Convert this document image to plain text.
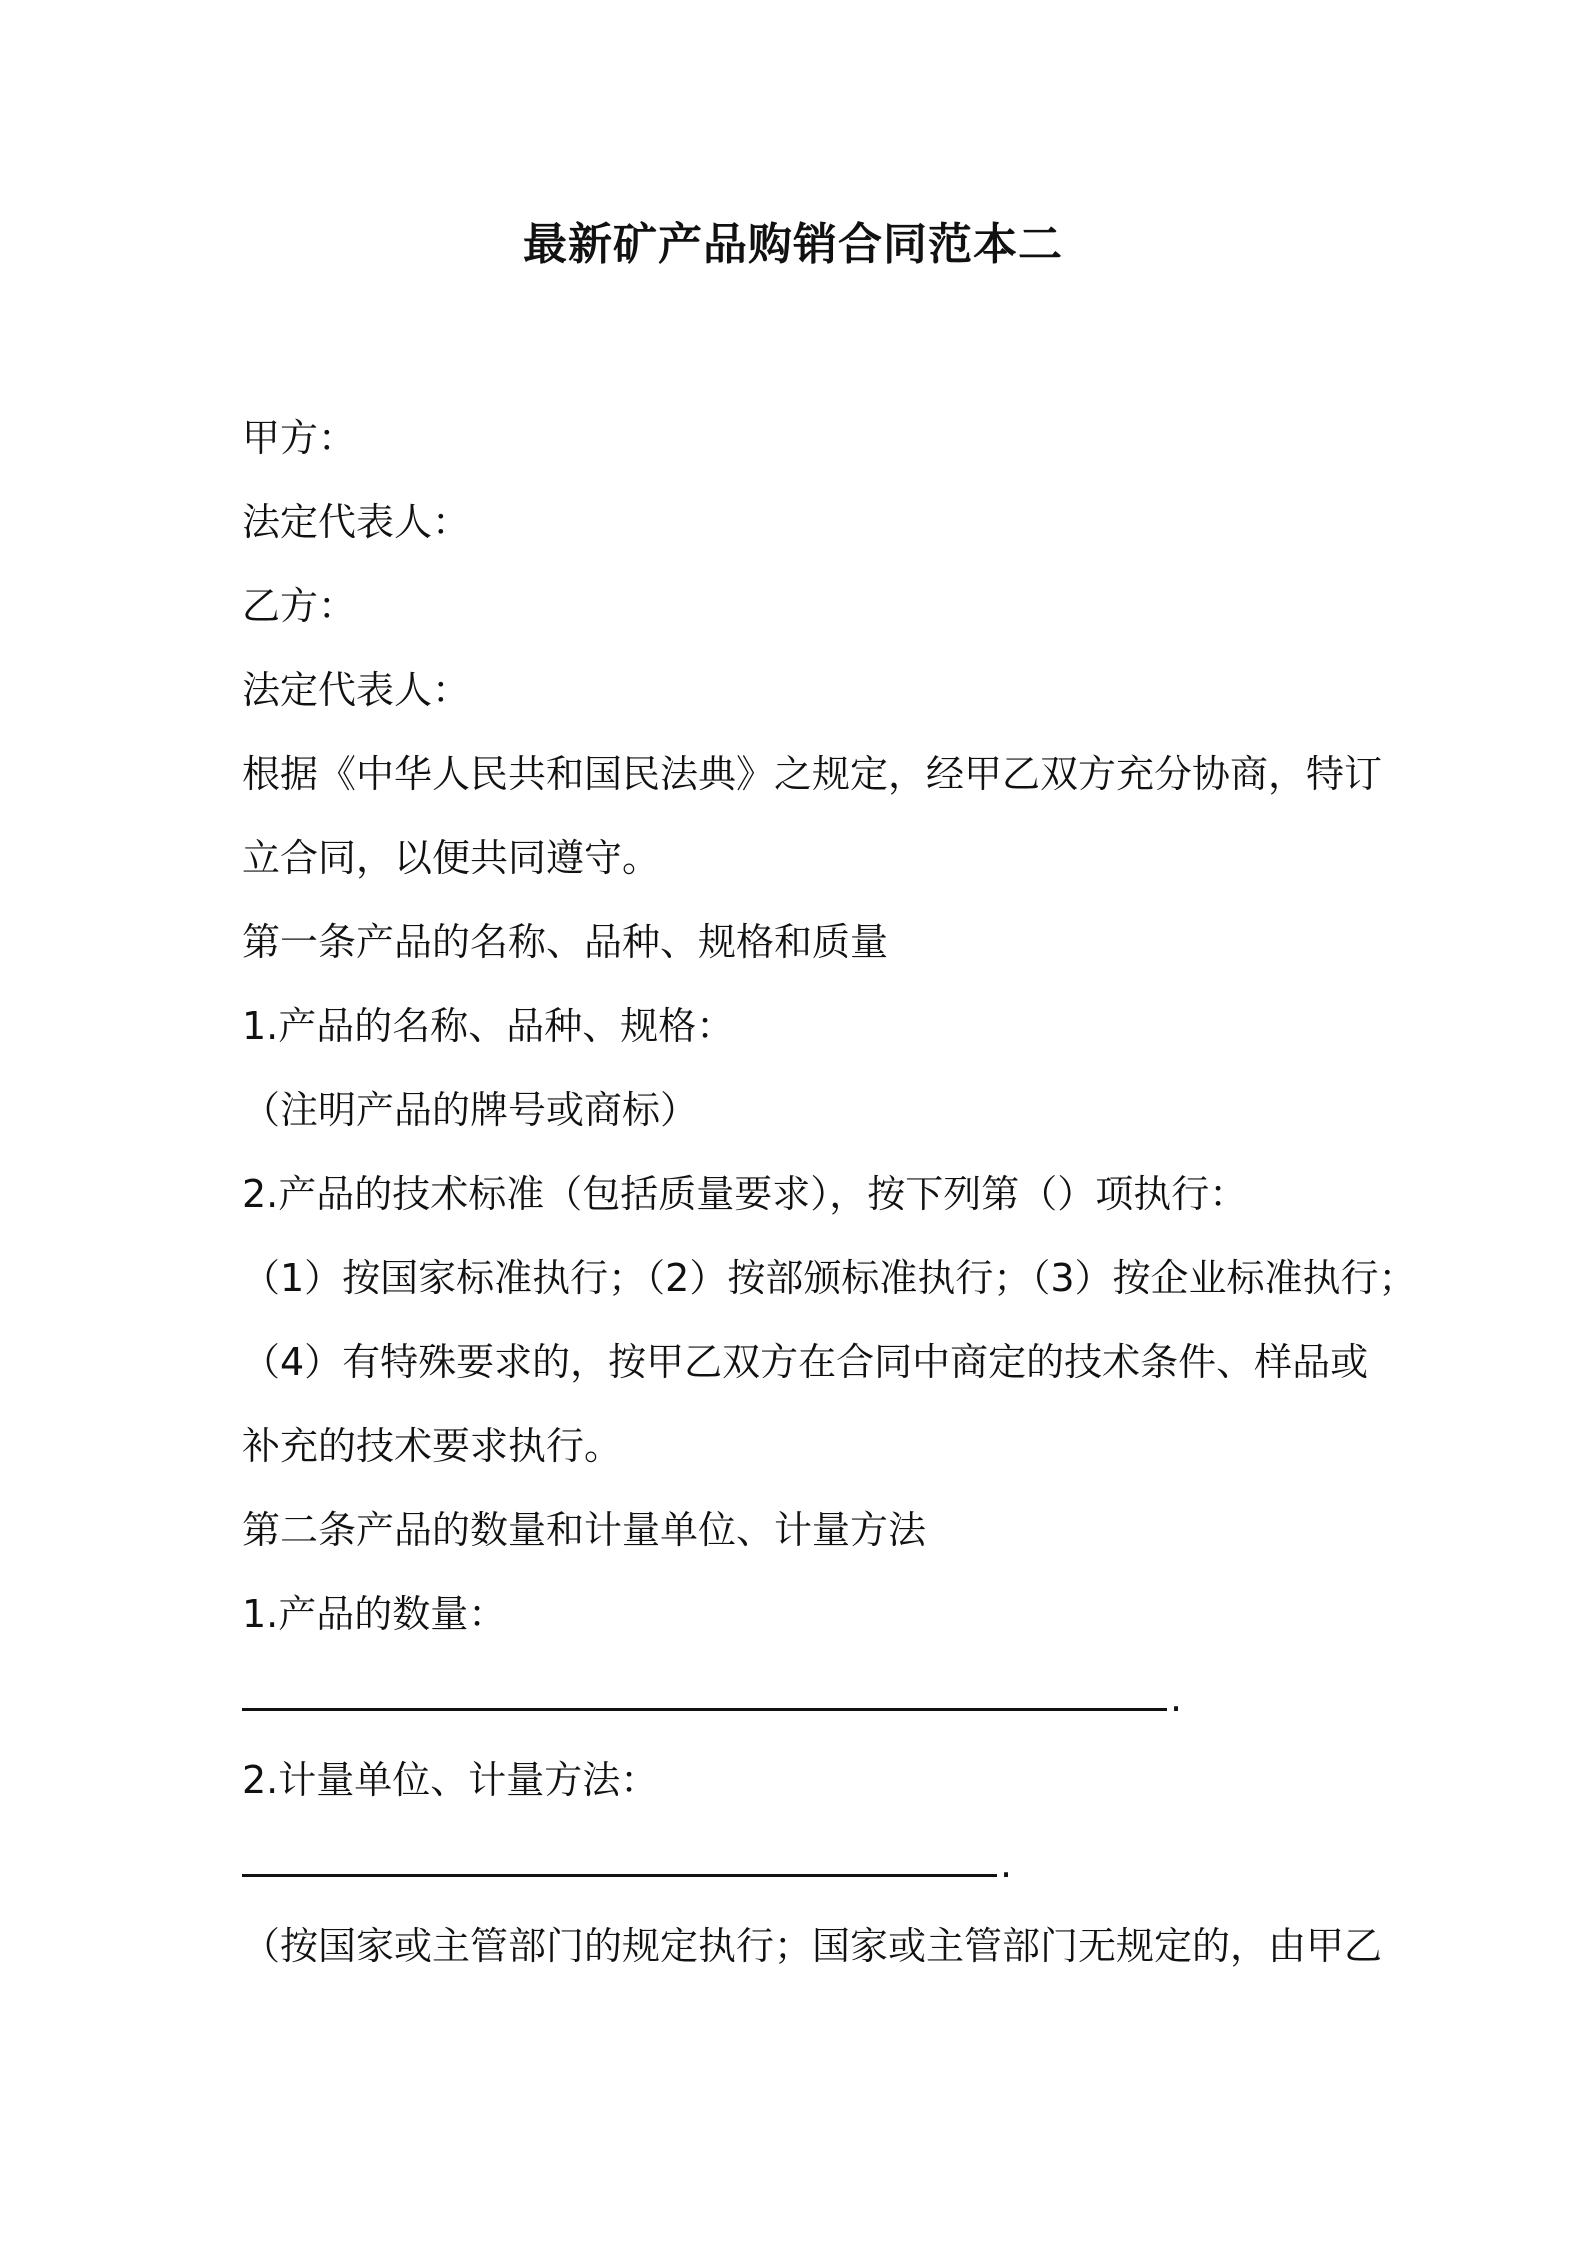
最新矿产品购销合同范本二
甲方：
法定代表人：
乙方：
法定代表人：
根据《中华人民共和国民法典》之规定，经甲乙双方充分协商，特订
立合同，以便共同遵守。
第一条产品的名称、品种、规格和质量
1.产品的名称、品种、规格：
（注明产品的牌号或商标）
2.产品的技术标准（包括质量要求），按下列第（）项执行：
（1）按国家标准执行；（2）按部颁标准执行；（3）按企业标准执行；
（4）有特殊要求的，按甲乙双方在合同中商定的技术条件、样品或
补充的技术要求执行。
第二条产品的数量和计量单位、计量方法
1.产品的数量：
.
2.计量单位、计量方法：
.
（按国家或主管部门的规定执行；国家或主管部门无规定的，由甲乙
